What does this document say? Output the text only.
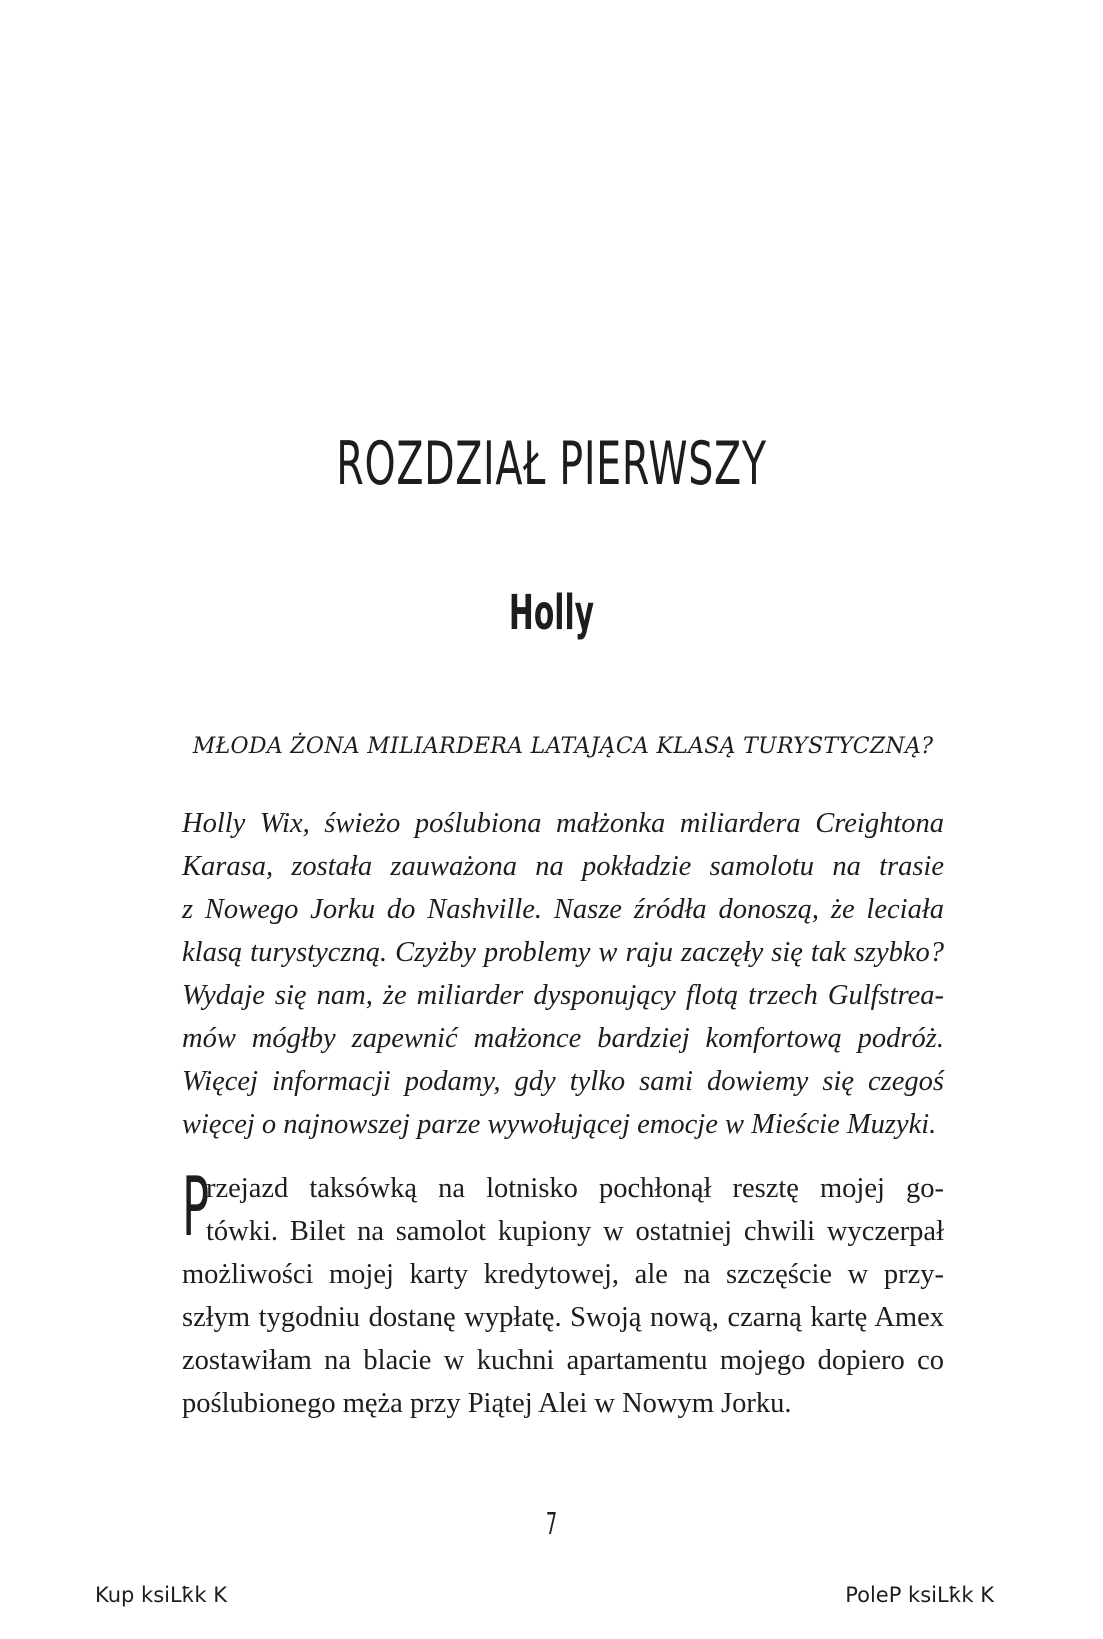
ROZDZIAŁ PIERWSZY
Holly

MŁODA ŻONA MILIARDERA LATAJĄCA KLASĄ TURYSTYCZNĄ?

Holly Wix, świeżo poślubiona małżonka miliardera Creightona
Karasa, została zauważona na pokładzie samolotu na trasie
z Nowego Jorku do Nashville. Nasze źródła donoszą, że leciała
klasą turystyczną. Czyżby problemy w raju zaczęły się tak szybko?
Wydaje się nam, że miliarder dysponujący flotą trzech Gulfstrea-
mów mógłby zapewnić małżonce bardziej komfortową podróż.
Więcej informacji podamy, gdy tylko sami dowiemy się czegoś
więcej o najnowszej parze wywołującej emocje w Mieście Muzyki.
P
rzejazd taksówką na lotnisko pochłonął resztę mojej go-
tówki. Bilet na samolot kupiony w ostatniej chwili wyczerpał
możliwości mojej karty kredytowej, ale na szczęście w przy-
szłym tygodniu dostanę wypłatę. Swoją nową, czarną kartę Amex
zostawiłam na blacie w kuchni apartamentu mojego dopiero co
poślubionego męża przy Piątej Alei w Nowym Jorku.
7
Kup ksiLҟk K	PoleP ksiLҟk K
